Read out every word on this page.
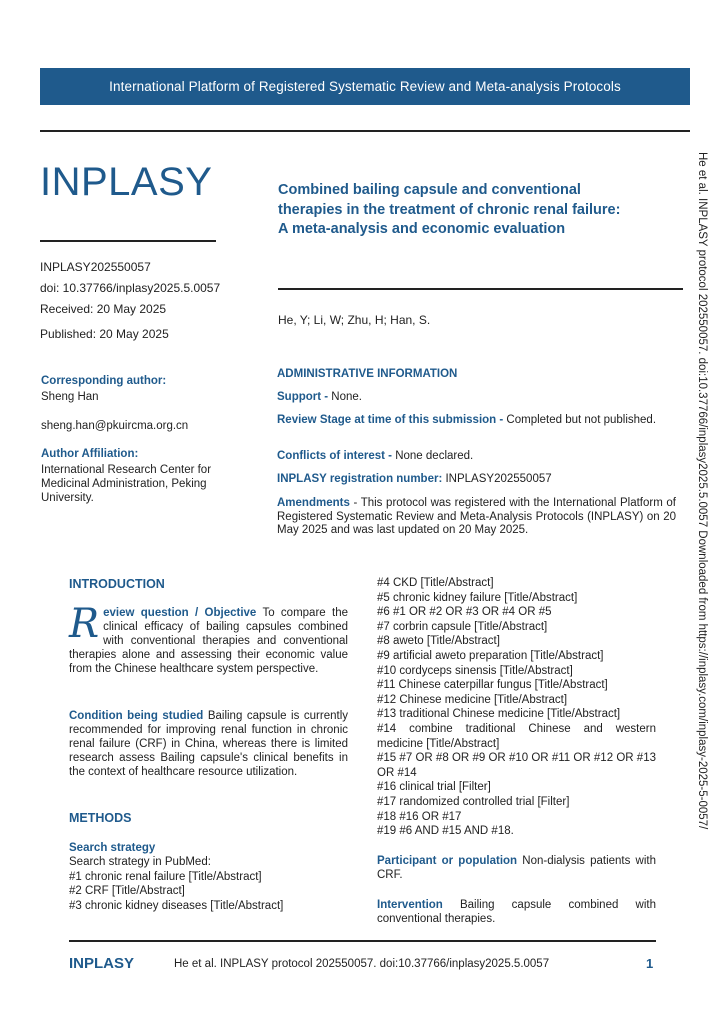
International Platform of Registered Systematic Review and Meta-analysis Protocols
INPLASY
INPLASY202550057
doi: 10.37766/inplasy2025.5.0057
Received: 20 May 2025
Published: 20 May 2025
Corresponding author:
Sheng Han
sheng.han@pkuircma.org.cn
Author Affiliation:
International Research Center for
Medicinal Administration, Peking
University.
Combined bailing capsule and conventional
therapies in the treatment of chronic renal failure:
A meta-analysis and economic evaluation
He, Y; Li, W; Zhu, H; Han, S.
ADMINISTRATIVE INFORMATION
Support - None.
Review Stage at time of this submission - Completed but not published.
Conflicts of interest - None declared.
INPLASY registration number: INPLASY202550057
Amendments - This protocol was registered with the International Platform of Registered Systematic Review and Meta-Analysis Protocols (INPLASY) on 20 May 2025 and was last updated on 20 May 2025.	He et al. INPLASY protocol 202550057. doi:10.37766/inplasy2025.5.0057 Downloaded from https://inplasy.com/inplasy-2025-5-0057/
INTRODUCTION
Review question / Objective To compare the clinical efficacy of bailing capsules combined with conventional therapies and conventional therapies alone and assessing their economic value from the Chinese healthcare system perspective.
Condition being studied Bailing capsule is currently recommended for improving renal function in chronic renal failure (CRF) in China, whereas there is limited research assess Bailing capsule's clinical benefits in the context of healthcare resource utilization.
METHODS
Search strategy
Search strategy in PubMed:
#1 chronic renal failure [Title/Abstract]
#2 CRF [Title/Abstract]
#3 chronic kidney diseases [Title/Abstract]
#4 CKD [Title/Abstract]
#5 chronic kidney failure [Title/Abstract]
#6 #1 OR #2 OR #3 OR #4 OR #5
#7 corbrin capsule [Title/Abstract]
#8 aweto [Title/Abstract]
#9 artificial aweto preparation [Title/Abstract]
#10 cordyceps sinensis [Title/Abstract]
#11 Chinese caterpillar fungus [Title/Abstract]
#12 Chinese medicine [Title/Abstract]
#13 traditional Chinese medicine [Title/Abstract]
#14 combine traditional Chinese and western medicine [Title/Abstract]
#15 #7 OR #8 OR #9 OR #10 OR #11 OR #12 OR #13 OR #14
#16 clinical trial [Filter]
#17 randomized controlled trial [Filter]
#18 #16 OR #17
#19 #6 AND #15 AND #18.
Participant or population Non-dialysis patients with CRF.
Intervention Bailing capsule combined with conventional therapies.
INPLASY	He et al. INPLASY protocol 202550057. doi:10.37766/inplasy2025.5.0057	1
